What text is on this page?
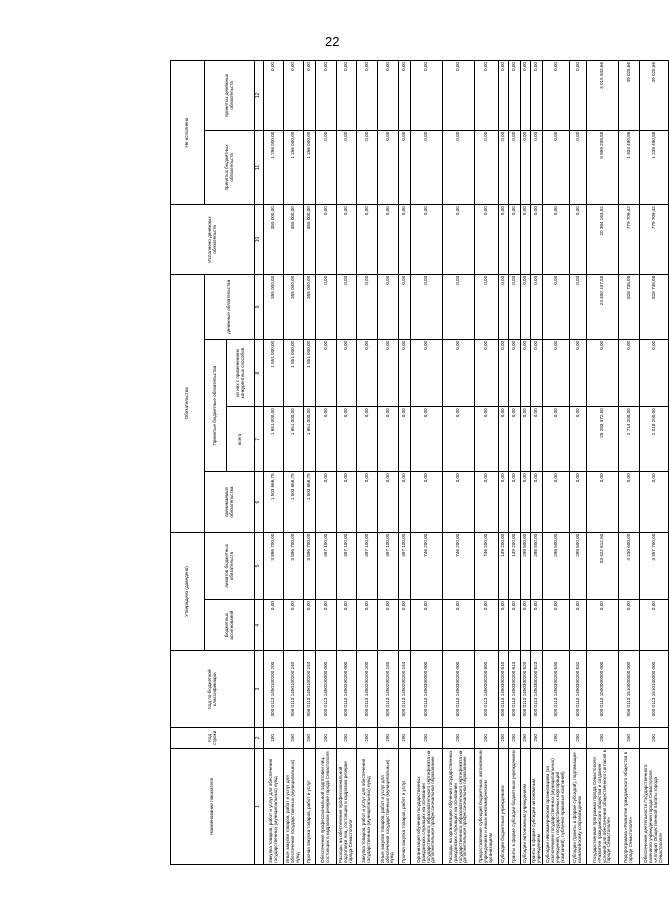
22
Наименование показателя	Код строки	Код по бюджетной классификации	Утверждено (доведено)		Обязательства				Исполнено денежных обязательств	Не исполнено	
			бюджетных ассигнований	лимитов бюджетных обязательств	принимаемые обязательства	Принятые бюджетные обязательства		денежные обязательства		принятых бюджетных обязательств	принятых денежных обязательств
						всего	из них с применением конкурентных способов				
1	2	3	4	5	6	7	8	9	10	11	12
Закупка товаров, работ и услуг для обеспечения государственных (муниципальных) нужд	200	000 0113 1450100200 200	0,00	3 896 700,00	1 503 666,75	1 651 000,00	1 551 000,00	355 000,00	355 000,00	1 296 000,00	0,00
Иные закупки товаров, работ и услуг для обеспечения государственных (муниципальных) нужд	200	000 0113 1450100200 240	0,00	3 896 700,00	1 503 666,75	1 651 000,00	1 551 000,00	355 000,00	355 000,00	1 296 000,00	0,00
Прочая закупка товаров, работ и услуг	200	000 0113 1450100200 244	0,00	3 896 700,00	1 503 666,75	1 651 000,00	1 551 000,00	355 000,00	355 000,00	1 296 000,00	0,00
Обеспечение профессиональной подготовки лиц, состоящих в кадровом резерве города Севастополя	200	000 0113 1450200000 000	0,00	497 100,00	0,00	0,00	0,00	0,00	0,00	0,00	0,00
Расходы на обеспечение профессиональной подготовки лиц, состоящих в кадровом резерве города Севастополя	200	000 0113 1450200200 000	0,00	497 100,00	0,00	0,00	0,00	0,00	0,00	0,00	0,00
Закупка товаров, работ и услуг для обеспечения государственных (муниципальных) нужд	200	000 0113 1450200200 200	0,00	497 100,00	0,00	0,00	0,00	0,00	0,00	0,00	0,00
Иные закупки товаров, работ и услуг для обеспечения государственных (муниципальных) нужд	200	000 0113 1450200200 240	0,00	497 100,00	0,00	0,00	0,00	0,00	0,00	0,00	0,00
Прочая закупка товаров, работ и услуг	200	000 0113 1450200200 244	0,00	497 100,00	0,00	0,00	0,00	0,00	0,00	0,00	0,00
Организация обучения государственных гражданских служащих на основании государственного образовательного сертификата на дополнительное профессиональное образование	200	000 0113 1450300000 000	0,00	746 200,00	0,00	0,00	0,00	0,00	0,00	0,00	0,00
Расходы на организацию обучения государственных гражданских служащих на основании государственного образовательного сертификата на дополнительное профессиональное образование	200	000 0113 1450300200 000	0,00	746 200,00	0,00	0,00	0,00	0,00	0,00	0,00	0,00
Предоставление субсидий бюджетным, автономным учреждениям и иным некоммерческим организациям	200	000 0113 1450300200 600	0,00	746 200,00	0,00	0,00	0,00	0,00	0,00	0,00	0,00
Субсидии бюджетным учреждениям	200	000 0113 1450300200 610	0,00	149 200,00	0,00	0,00	0,00	0,00	0,00	0,00	0,00
Гранты в форме субсидии бюджетным учреждениям	200	000 0113 1450300200 613	0,00	149 200,00	0,00	0,00	0,00	0,00	0,00	0,00	0,00
Субсидии автономным учреждениям	200	000 0113 1450300200 620	0,00	298 500,00	0,00	0,00	0,00	0,00	0,00	0,00	0,00
Гранты в форме субсидии автономным учреждениям	200	000 0113 1450300200 623	0,00	298 500,00	0,00	0,00	0,00	0,00	0,00	0,00	0,00
Субсидии некоммерческим организациям (за исключением государственных (муниципальных) учреждений, государственных корпораций (компаний), публично-правовых компаний)	200	000 0113 1450300200 630	0,00	298 500,00	0,00	0,00	0,00	0,00	0,00	0,00	0,00
Субсидии (гранты в форме субсидий), подлежащие казначейскому сопровождению	200	000 0113 1450300200 632	0,00	298 500,00	0,00	0,00	0,00	0,00	0,00	0,00	0,00
Государственная программа города Севастополя «Развитие гражданского общества и создание условий для обеспечения общественного согласия в городе Севастополе»	200	000 0113 1500000000 000	0,00	53 422 612,50	0,00	26 283 372,50	0,00	23 400 107,58	20 384 163,92	5 899 208,58	3 015 943,66
Подпрограмма «Развитие гражданского общества в городе Севастополе»	200	000 0113 1510000000 000	0,00	4 230 600,00	0,00	2 714 200,00	0,00	828 735,08	779 709,42	1 934 490,58	49 025,66
Обеспечение деятельности Государственного казенного учреждения города Севастополя «Аппарат Общественной палаты города Севастополя»	200	000 0113 1510100000 000	0,00	3 357 700,00	0,00	2 018 200,00	0,00	828 735,08	779 709,42	1 238 490,58	49 025,66
